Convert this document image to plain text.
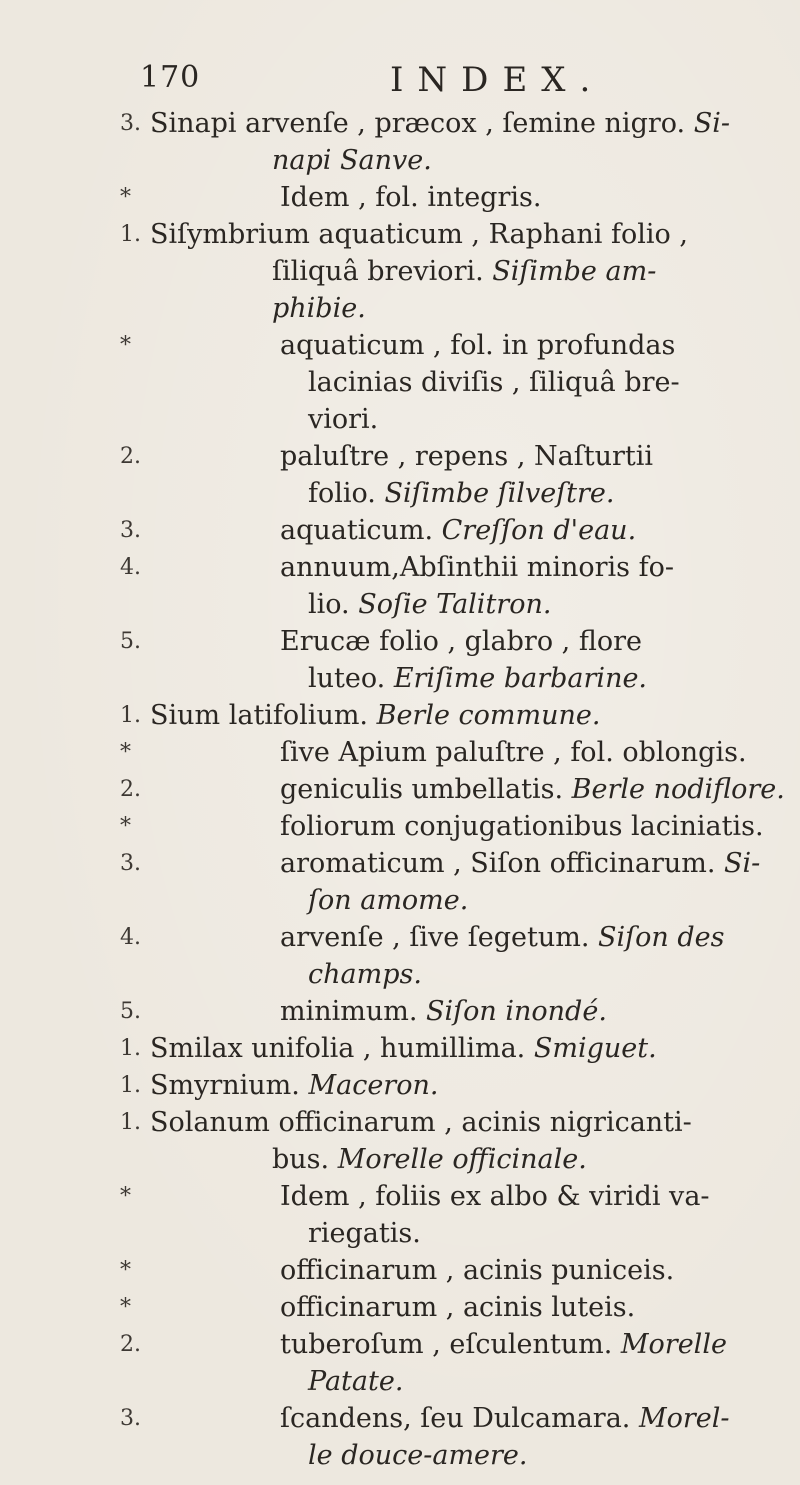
170	INDEX.
3. Sinapi arvenſe , præcox , ſemine nigro. Si-
napi Sanve.
*	Idem , fol. integris.
1. Siſymbrium aquaticum , Raphani folio ,
ſiliquâ breviori. Siſimbe am-
phibie.
*	aquaticum , fol. in profundas
lacinias diviſis , ſiliquâ bre-
viori.
2.	paluſtre , repens , Naſturtii
folio. Siſimbe ſilveſtre.
3.	aquaticum. Creſſon d'eau.
4.	annuum,Abſinthii minoris fo-
lio. Soſie Talitron.
5.	Erucæ folio , glabro , flore
luteo. Eriſime barbarine.
1. Sium latifolium. Berle commune.
*	ſive Apium paluſtre , fol. oblongis.
2.	geniculis umbellatis. Berle nodiflore.
*	foliorum conjugationibus laciniatis.
3.	aromaticum , Siſon officinarum. Si-
ſon amome.
4.	arvenſe , ſive ſegetum. Siſon des
champs.
5.	minimum. Siſon inondé.
1. Smilax unifolia , humillima. Smiguet.
1. Smyrnium. Maceron.
1. Solanum officinarum , acinis nigricanti-
bus. Morelle officinale.
*	Idem , foliis ex albo & viridi va-
riegatis.
*	officinarum , acinis puniceis.
*	officinarum , acinis luteis.
2.	tuberoſum , eſculentum. Morelle
Patate.
3.	ſcandens, ſeu Dulcamara. Morel-
le douce-amere.
